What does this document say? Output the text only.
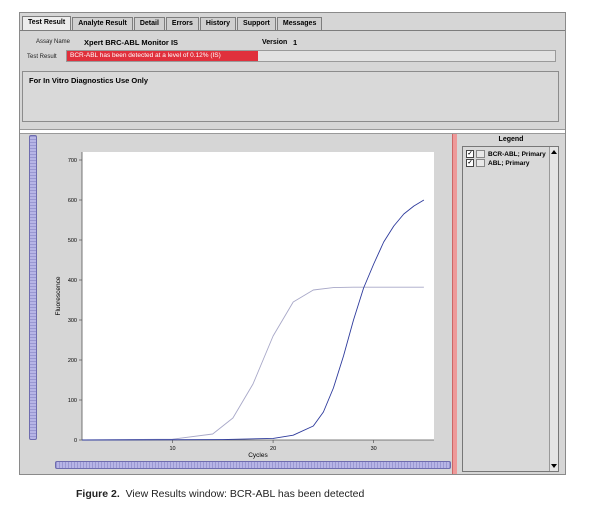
Test Result	Analyte Result	Detail	Errors	History	Support	Messages
Assay Name Xpert BRC-ABL Monitor IS	Version 1
Test Result	BCR-ABL has been detected at a level of 0.12% (IS)
For In Vitro Diagnostics Use Only
0
100
200
300
400
500
600
700
10	20	30
Cycles
Fluorescence
Legend
✓ BCR-ABL; Primary
✓ ABL; Primary
Figure 2. View Results window: BCR-ABL has been detected
